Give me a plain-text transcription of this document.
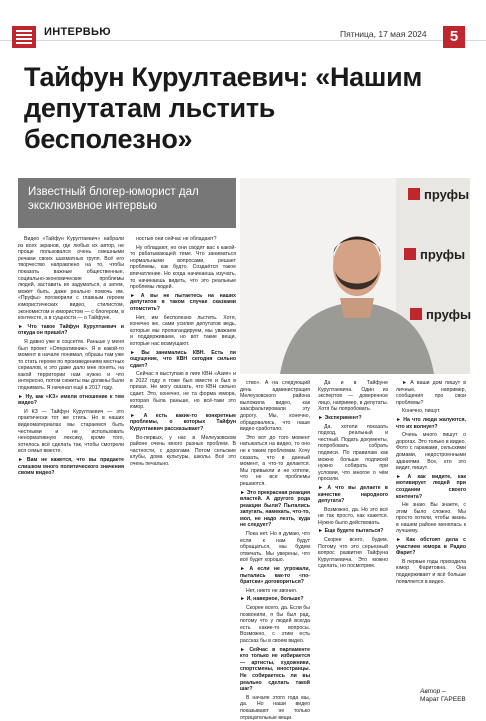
ИНТЕРВЬЮ	Пятница, 17 мая 2024	5
Тайфун Курултаевич: «Нашим депутатам льстить бесполезно»
Известный блогер-юморист дал эксклюзивное интервью
пруфы
пруфы
пруфы

Видео «Тайфун Курултаевич» набрали из всех экранов, где любых их автор, не проще пользовался очень смешными речами своих шахматных групп. Всё его творчество направлено на то, чтобы показать важные общественные, социально-экономические проблемы людей, заставить их задуматься, а затем, может быть, даже реально помочь им. «Пруфы» поговорили с главным героем юмористических видео, стилистом, экономистом и юмористом — с блогером, в контексте, а в сущности — о Тайфуне.

► Что такое Тайфун Курултаевич и откуда он пришёл?

Я давно уже в соцсетях. Раньше у меня был проект «Оперативник». Я в какой-то момент в начале понимал, образы там уже то стать героем по произведениям местных сериалов, и это даже дало мне понять, на какой территории нам нужно и что интересно, потом сюжеты мы должны были поднимать. Я начинал ещё в 2017 году.

► Ну, как «КЗ» имели отношение к тем видео?

И КЗ — Тайфун Курултаевич — это практически тот же стиль. Но в наших видеоматериалах мы стараемся быть честными и не использовать ненормативную лексику, кроме того, хотелось всё сделать так, чтобы смотрели вся семья вместе.

► Вам не кажется, что вы придаете слишком много политического значения своим видео?

ностью они сейчас не обладают?

Ну обладают, но они сводят вас к какой-то рабатывающей теме. Что заниматься нормальными вопросами, решает проблемы, как будто. Создаётся такое впечатление. Но когда начинаешь изучать, то начинаешь видеть, что это реальные проблемы людей.

► А вы не пытаетесь на наших депутатов в таком случае сказками отомстить?

Нет, им бесполезно льстить. Хотя, конечно же, сами усилия депутатов ведь, которые мы пропагандируем, мы уважаем и поддерживаем, но вот такие вещи, которые нас возмущают.

► Вы занимались КВН. Есть ли ощущение, что КВН сегодня сильно сдает?

Сейчас я выступаю в лиге КВН «Азия» и в 2022 году я тоже был вместе и был в призах. Не могу сказать, что КВН сильно сдает. Это, конечно, не та форма юмора, которая была раньше, но всё-таки это юмор.

► А есть какие-то конкретные проблемы, о которых Тайфун Курултаевич рассказывает?

Во-первых, у нас в Мелеузовском районе очень много разных проблем. В частности, с дорогами. Потом сельские клубы, дома культуры, школы. Всё это очень печально.

ство». А на следующий день администрация Мелеузовского района выложила видео, как заасфальтировали эту дорогу. Мы, конечно, обрадовались, что наше видео сработало.

Это вот до того момент натыкаться на видео, то оно не к таким проблемам. Хочу сказать, что в данный момент, а что-то делается. Мы привыкли и не хотели, что не все проблемы решаются.

► Это прекрасная реакция властей. А другого рода реакции были? Пытались запугать, намекать, что-то, мол, не надо лезть, куда не следует?

Пока нет. Но я думаю, что если к нам будут обращаться, мы будем отвечать. Мы уверены, что всё будет хорошо.

► А если не угрожали, пытались как-то «по-братски» договориться?

Нет, никто не звонил.

► И, наверное, больше?

Скорее всего, да. Если бы позвонили, я бы был рад, потому что у людей всегда есть какие-то вопросы. Возможно, с этим есть рассказ бы в своем видео.

► Сейчас в парламенте кто только не избирается — артисты, художники, спортсмены, иностранцы. Не собираетесь ли вы реально сделать такой шаг?

В начале этого года мы, да. Но наши видео показывают не только отрицательные вещи.

Да и в Тайфуне Курултаевича. Один из экспертов — доверенное лицо, например, в депутаты. Хотя бы попробовать.

► Эксперимент?

Да, хотели показать подход, реальный и честный. Подать документы, попробовать собрать подписи. По правилам как можно больше подписей нужно собирать при условии, что многое о чём просили.

► А что вы делаете в качестве народного депутата?

Возможно, да. Но это всё не так просто, как кажется. Нужно было действовать.

► Еще будете пытаться?

Скорее всего, будем. Потому что это серьезный вопрос развития Тайфуна Курултаевича. Это можно сделать, но посмотрим.

► А ваши дом пишут в личные, например, сообщения про свои проблемы?

Конечно, пишут.

► На что люди жалуются, что их волнует?

Очень много пишут о дорогах. Это только в видео. Фото с гаражами, сельскими домами, недостроенными зданиями. Все, кто это видит, пишут.

► А как видите, как мотивирует людей при создании своего контента?

Не знаю. Вы знаете, с этим было сложно. Мы просто хотели, чтобы жизнь в нашем районе менялась к лучшему.

► Как обстоят дела с участием юмора в Радио Фарит?

В первые годы приходила юмор Фаритовна. Она поддерживает и всё больше появляется в видео.

Автор –
Марат ГАРЕЕВ
